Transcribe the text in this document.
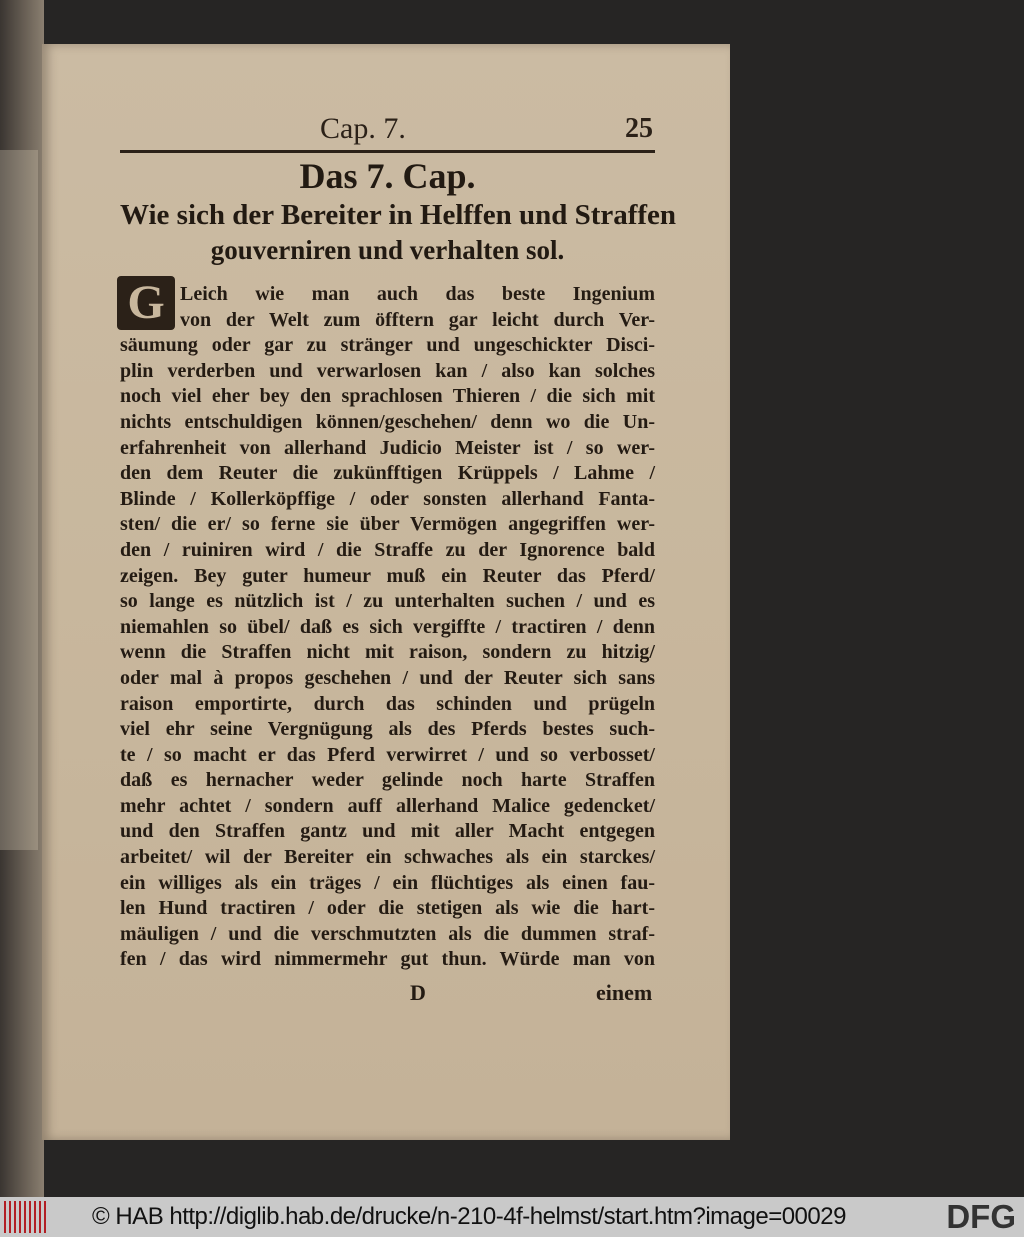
Cap. 7.	25
Das 7. Cap.
Wie sich der Bereiter in Helffen und Straffen
gouverniren und verhalten sol.
G Leich wie man auch das beste Ingenium
von der Welt zum öfftern gar leicht durch Ver-
säumung oder gar zu stränger und ungeschickter Disci-
plin verderben und verwarlosen kan / also kan solches
noch viel eher bey den sprachlosen Thieren / die sich mit
nichts entschuldigen können/geschehen/ denn wo die Un-
erfahrenheit von allerhand Judicio Meister ist / so wer-
den dem Reuter die zukünfftigen Krüppels / Lahme /
Blinde / Kollerköpffige / oder sonsten allerhand Fanta-
sten/ die er/ so ferne sie über Vermögen angegriffen wer-
den / ruiniren wird / die Straffe zu der Ignorence bald
zeigen. Bey guter humeur muß ein Reuter das Pferd/
so lange es nützlich ist / zu unterhalten suchen / und es
niemahlen so übel/ daß es sich vergiffte / tractiren / denn
wenn die Straffen nicht mit raison, sondern zu hitzig/
oder mal à propos geschehen / und der Reuter sich sans
raison emportirte, durch das schinden und prügeln
viel ehr seine Vergnügung als des Pferds bestes such-
te / so macht er das Pferd verwirret / und so verbosset/
daß es hernacher weder gelinde noch harte Straffen
mehr achtet / sondern auff allerhand Malice gedencket/
und den Straffen gantz und mit aller Macht entgegen
arbeitet/ wil der Bereiter ein schwaches als ein starckes/
ein williges als ein träges / ein flüchtiges als einen fau-
len Hund tractiren / oder die stetigen als wie die hart-
mäuligen / und die verschmutzten als die dummen straf-
fen / das wird nimmermehr gut thun. Würde man von
D	einem
© HAB http://diglib.hab.de/drucke/n-210-4f-helmst/start.htm?image=00029	DFG
